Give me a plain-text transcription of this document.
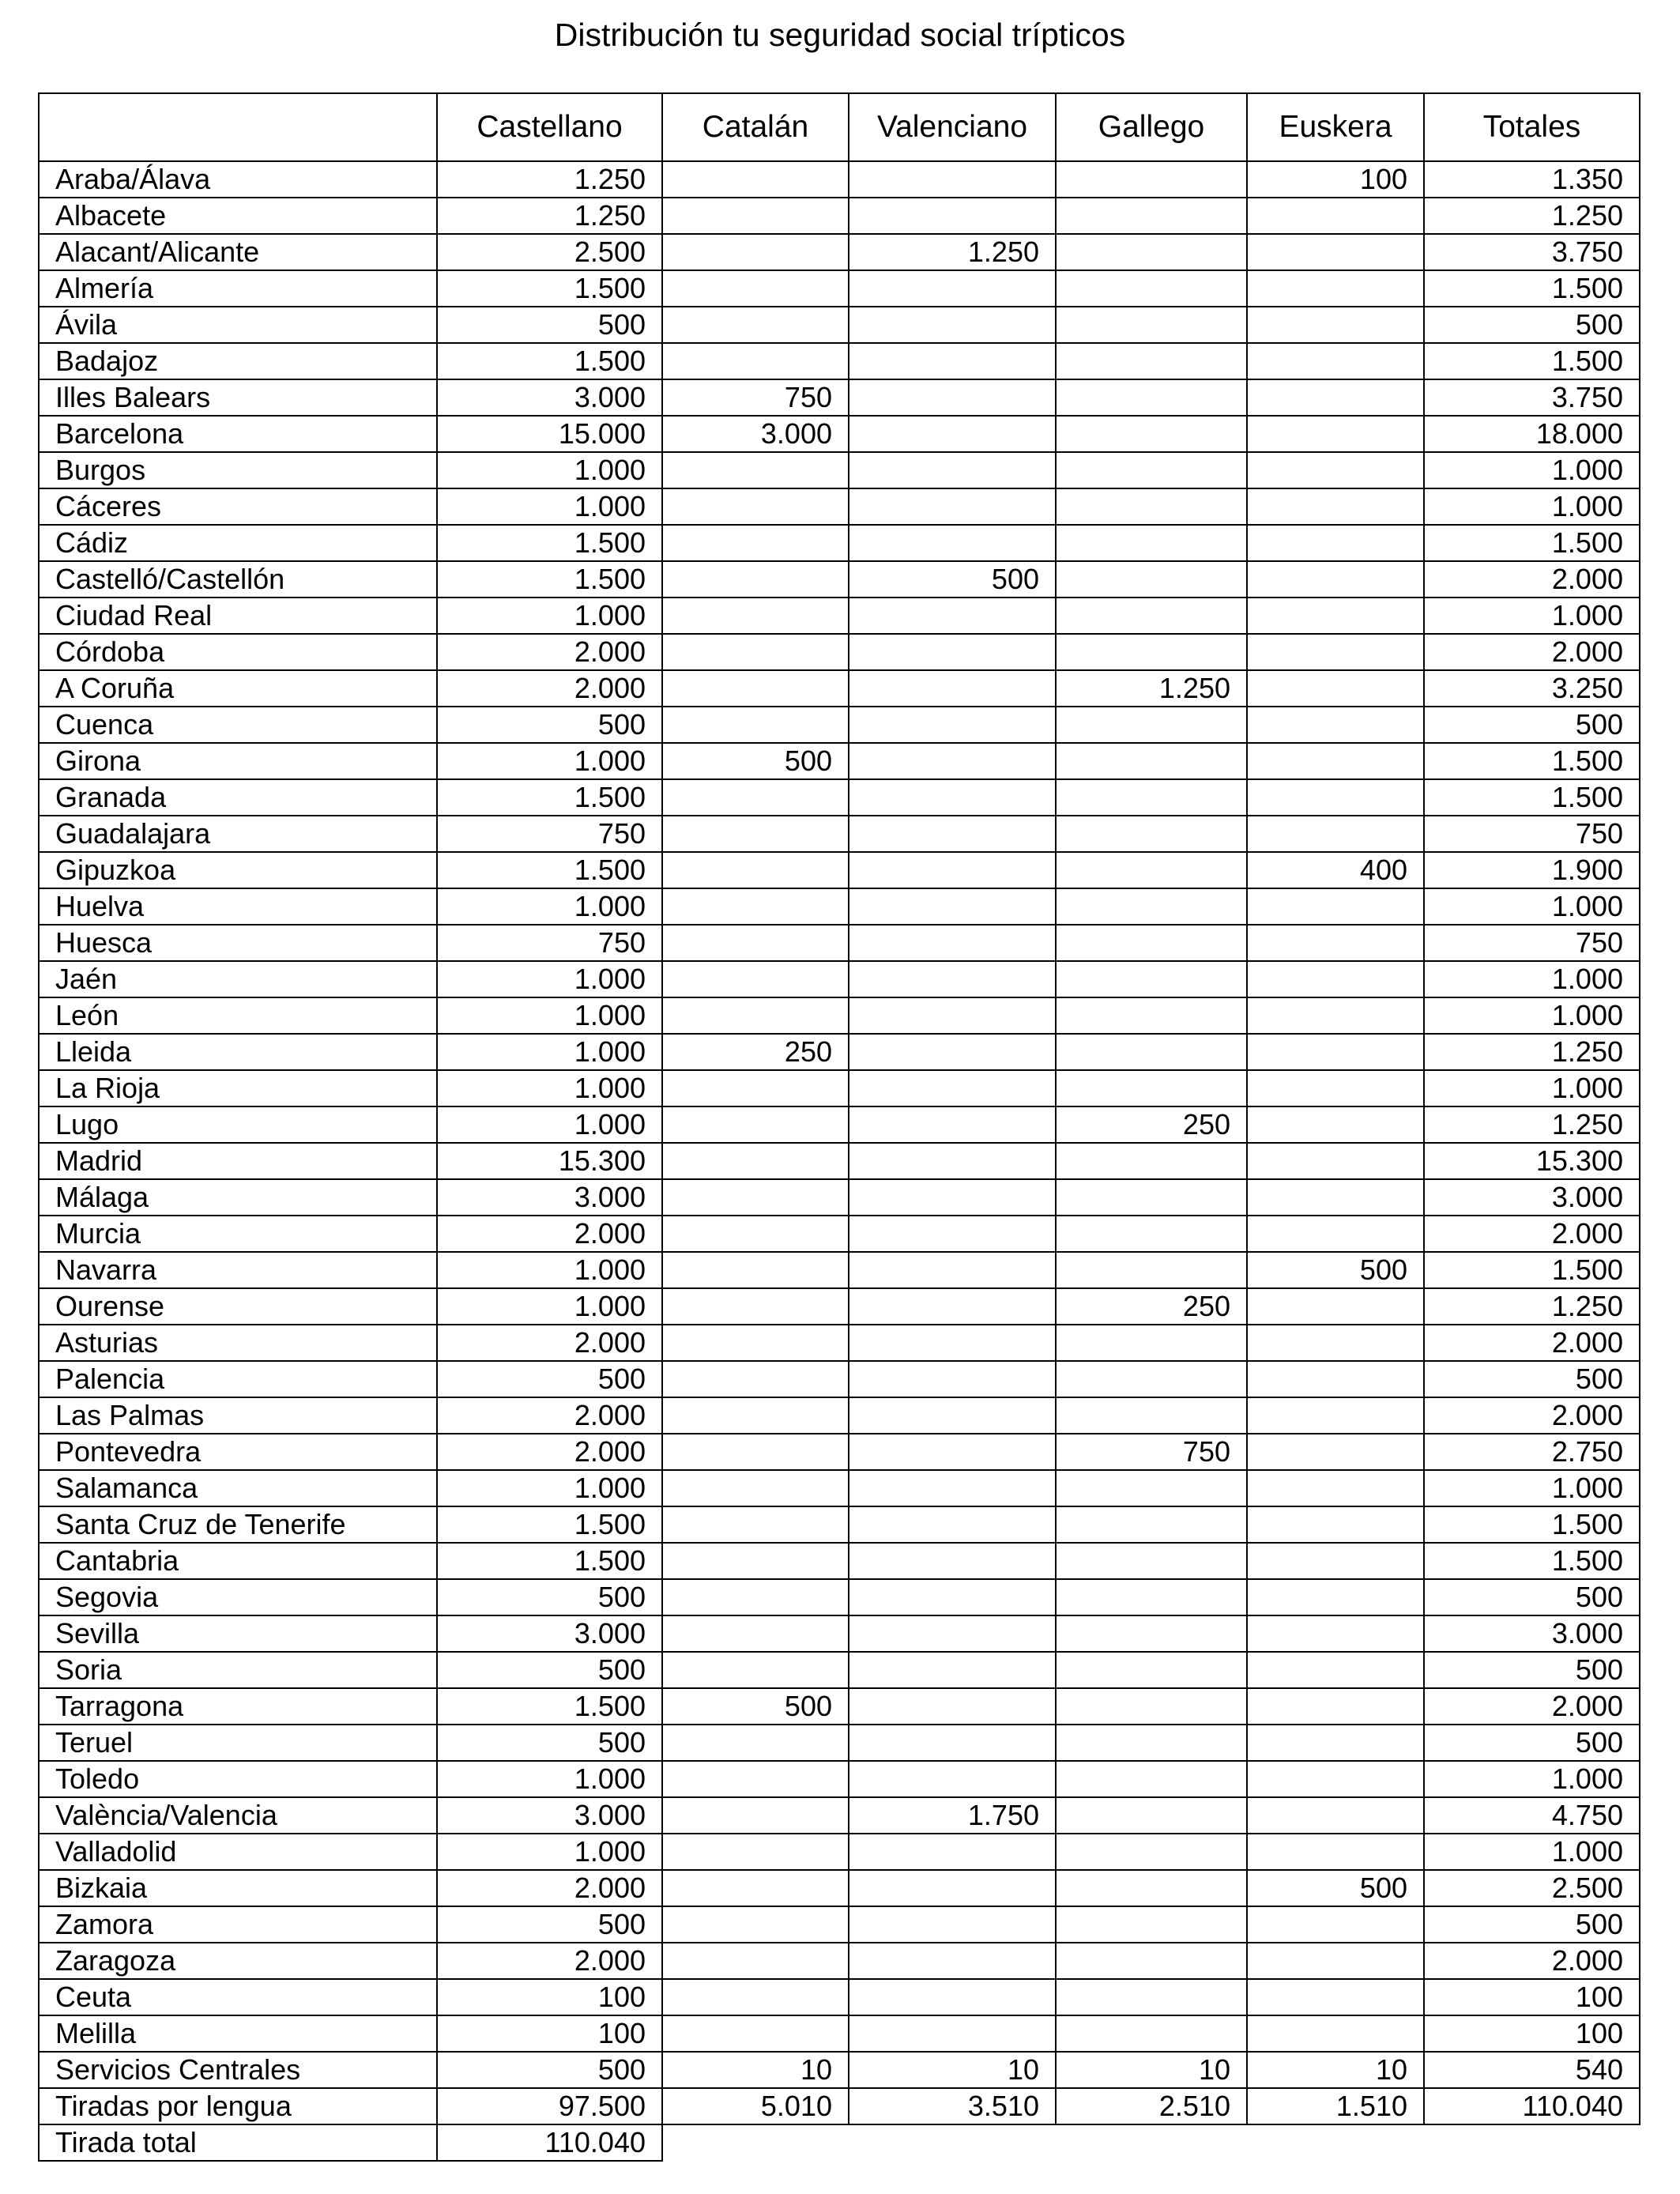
Distribución tu seguridad social trípticos
	Castellano	Catalán	Valenciano	Gallego	Euskera	Totales
Araba/Álava	1.250				100	1.350
Albacete	1.250					1.250
Alacant/Alicante	2.500		1.250			3.750
Almería	1.500					1.500
Ávila	500					500
Badajoz	1.500					1.500
Illes Balears	3.000	750				3.750
Barcelona	15.000	3.000				18.000
Burgos	1.000					1.000
Cáceres	1.000					1.000
Cádiz	1.500					1.500
Castelló/Castellón	1.500		500			2.000
Ciudad Real	1.000					1.000
Córdoba	2.000					2.000
A Coruña	2.000			1.250		3.250
Cuenca	500					500
Girona	1.000	500				1.500
Granada	1.500					1.500
Guadalajara	750					750
Gipuzkoa	1.500				400	1.900
Huelva	1.000					1.000
Huesca	750					750
Jaén	1.000					1.000
León	1.000					1.000
Lleida	1.000	250				1.250
La Rioja	1.000					1.000
Lugo	1.000			250		1.250
Madrid	15.300					15.300
Málaga	3.000					3.000
Murcia	2.000					2.000
Navarra	1.000				500	1.500
Ourense	1.000			250		1.250
Asturias	2.000					2.000
Palencia	500					500
Las Palmas	2.000					2.000
Pontevedra	2.000			750		2.750
Salamanca	1.000					1.000
Santa Cruz de Tenerife	1.500					1.500
Cantabria	1.500					1.500
Segovia	500					500
Sevilla	3.000					3.000
Soria	500					500
Tarragona	1.500	500				2.000
Teruel	500					500
Toledo	1.000					1.000
València/Valencia	3.000		1.750			4.750
Valladolid	1.000					1.000
Bizkaia	2.000				500	2.500
Zamora	500					500
Zaragoza	2.000					2.000
Ceuta	100					100
Melilla	100					100
Servicios Centrales	500	10	10	10	10	540
Tiradas por lengua	97.500	5.010	3.510	2.510	1.510	110.040
Tirada total	110.040					
